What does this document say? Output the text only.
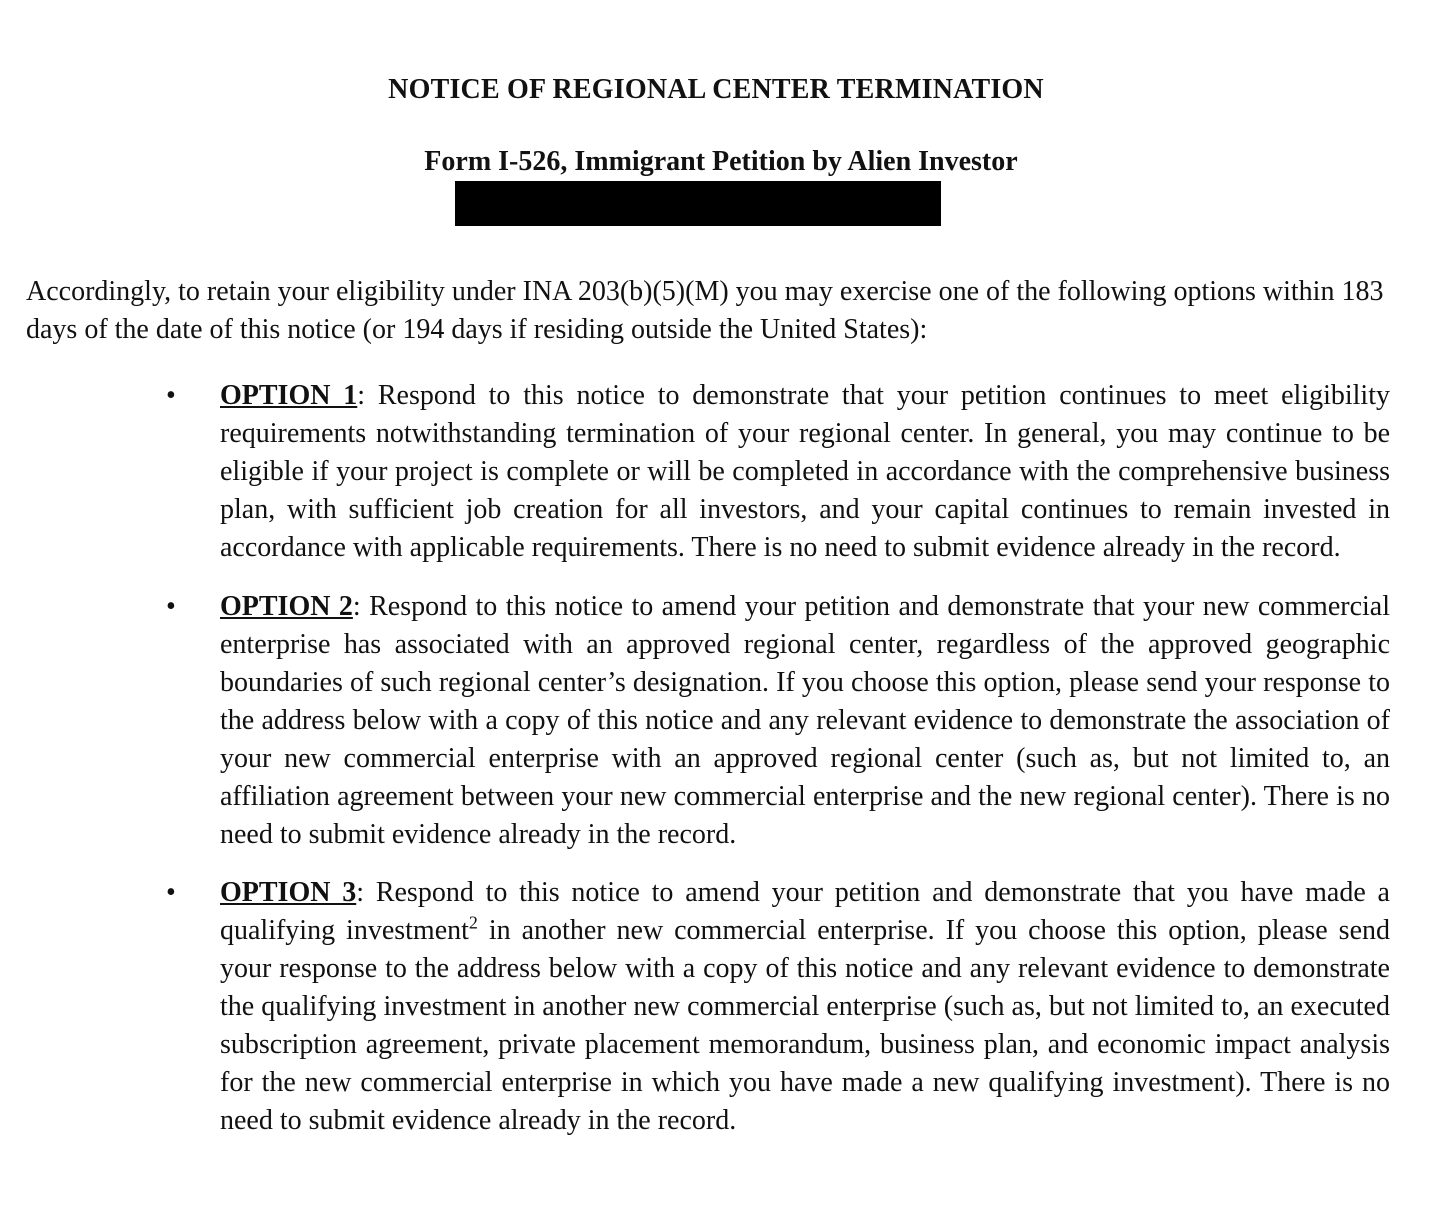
NOTICE OF REGIONAL CENTER TERMINATION
Form I-526, Immigrant Petition by Alien Investor
Accordingly, to retain your eligibility under INA 203(b)(5)(M) you may exercise one of the following options within 183 days of the date of this notice (or 194 days if residing outside the United States):
•	OPTION 1: Respond to this notice to demonstrate that your petition continues to meet eligibility requirements notwithstanding termination of your regional center. In general, you may continue to be eligible if your project is complete or will be completed in accordance with the comprehensive business plan, with sufficient job creation for all investors, and your capital continues to remain invested in accordance with applicable requirements. There is no need to submit evidence already in the record.
•	OPTION 2: Respond to this notice to amend your petition and demonstrate that your new commercial enterprise has associated with an approved regional center, regardless of the approved geographic boundaries of such regional center’s designation. If you choose this option, please send your response to the address below with a copy of this notice and any relevant evidence to demonstrate the association of your new commercial enterprise with an approved regional center (such as, but not limited to, an affiliation agreement between your new commercial enterprise and the new regional center). There is no need to submit evidence already in the record.
•	OPTION 3: Respond to this notice to amend your petition and demonstrate that you have made a qualifying investment$^2$ in another new commercial enterprise. If you choose this option, please send your response to the address below with a copy of this notice and any relevant evidence to demonstrate the qualifying investment in another new commercial enterprise (such as, but not limited to, an executed subscription agreement, private placement memorandum, business plan, and economic impact analysis for the new commercial enterprise in which you have made a new qualifying investment). There is no need to submit evidence already in the record.
